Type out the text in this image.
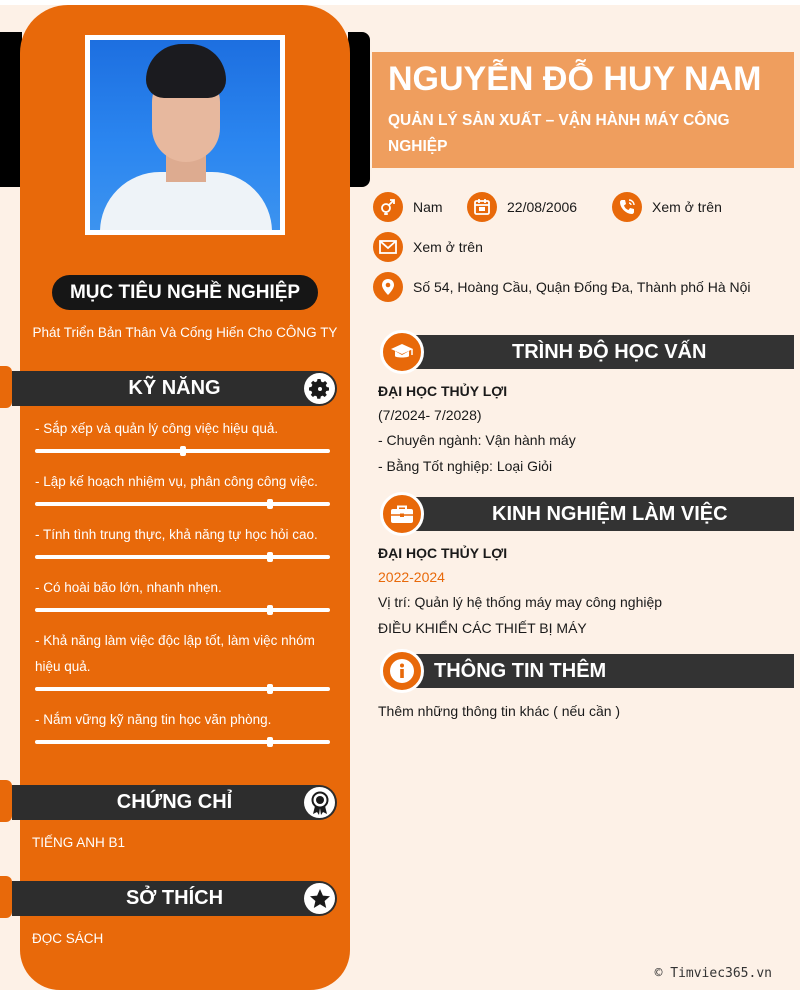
MỤC TIÊU NGHỀ NGHIỆP
Phát Triển Bản Thân Và Cống Hiến Cho CÔNG TY
KỸ NĂNG
- Sắp xếp và quản lý công việc hiệu quả.
- Lập kế hoạch nhiệm vụ, phân công công việc.
- Tính tình trung thực, khả năng tự học hỏi cao.
- Có hoài bão lớn, nhanh nhẹn.
- Khả năng làm việc độc lập tốt, làm việc nhóm hiệu quả.
- Nắm vững kỹ năng tin học văn phòng.
CHỨNG CHỈ
TIẾNG ANH B1
SỞ THÍCH
ĐỌC SÁCH
NGUYỄN ĐỖ HUY NAM
QUẢN LÝ SẢN XUẤT – VẬN HÀNH MÁY CÔNG NGHIỆP
Nam	22/08/2006	Xem ở trên
Xem ở trên
Số 54, Hoàng Cầu, Quận Đống Đa, Thành phố Hà Nội
TRÌNH ĐỘ HỌC VẤN
ĐẠI HỌC THỦY LỢI
(7/2024- 7/2028)
- Chuyên ngành: Vận hành máy
- Bằng Tốt nghiệp: Loại Giỏi
KINH NGHIỆM LÀM VIỆC
ĐẠI HỌC THỦY LỢI
2022-2024
Vị trí: Quản lý hệ thống máy may công nghiệp
ĐIỀU KHIỂN CÁC THIẾT BỊ MÁY
THÔNG TIN THÊM
Thêm những thông tin khác ( nếu cần )
© Timviec365.vn
